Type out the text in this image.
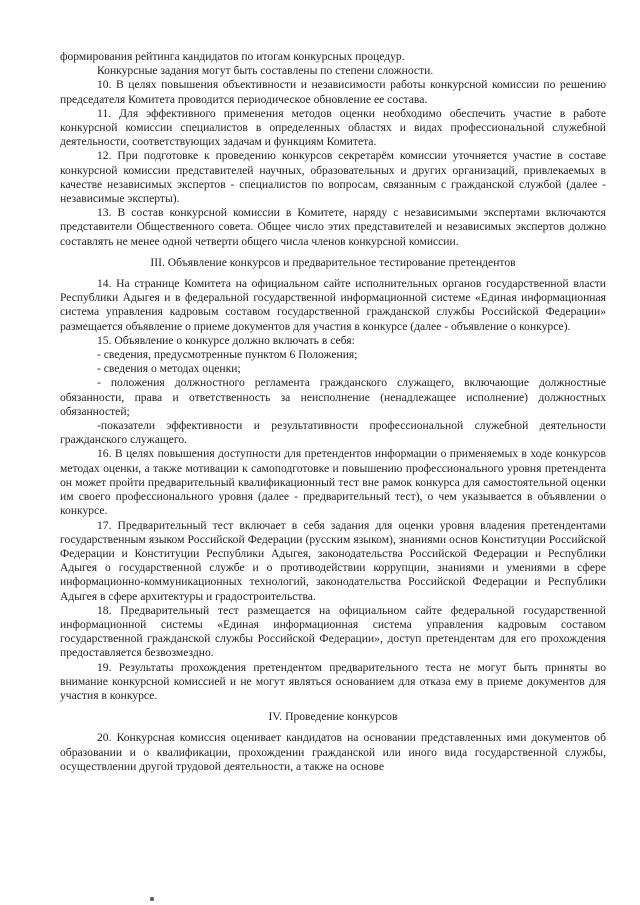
формирования рейтинга кандидатов по итогам конкурсных процедур.

Конкурсные задания могут быть составлены по степени сложности.

10. В целях повышения объективности и независимости работы конкурсной комиссии по решению председателя Комитета проводится периодическое обновление ее состава.

11. Для эффективного применения методов оценки необходимо обеспечить участие в работе конкурсной комиссии специалистов в определенных областях и видах профессиональной служебной деятельности, соответствующих задачам и функциям Комитета.

12. При подготовке к проведению конкурсов секретарём комиссии уточняется участие в составе конкурсной комиссии представителей научных, образовательных и других организаций, привлекаемых в качестве независимых экспертов - специалистов по вопросам, связанным с гражданской службой (далее - независимые эксперты).

13. В состав конкурсной комиссии в Комитете, наряду с независимыми экспертами включаются представители Общественного совета. Общее число этих представителей и независимых экспертов должно составлять не менее одной четверти общего числа членов конкурсной комиссии.

III. Объявление конкурсов и предварительное тестирование претендентов

14. На странице Комитета на официальном сайте исполнительных органов государственной власти Республики Адыгея и в федеральной государственной информационной системе «Единая информационная система управления кадровым составом государственной гражданской службы Российской Федерации» размещается объявление о приеме документов для участия в конкурсе (далее - объявление о конкурсе).

15. Объявление о конкурсе должно включать в себя:

- сведения, предусмотренные пунктом 6 Положения;

- сведения о методах оценки;

- положения должностного регламента гражданского служащего, включающие должностные обязанности, права и ответственность за неисполнение (ненадлежащее исполнение) должностных обязанностей;

-показатели эффективности и результативности профессиональной служебной деятельности гражданского служащего.

16. В целях повышения доступности для претендентов информации о применяемых в ходе конкурсов методах оценки, а также мотивации к самоподготовке и повышению профессионального уровня претендента он может пройти предварительный квалификационный тест вне рамок конкурса для самостоятельной оценки им своего профессионального уровня (далее - предварительный тест), о чем указывается в объявлении о конкурсе.

17. Предварительный тест включает в себя задания для оценки уровня владения претендентами государственным языком Российской Федерации (русским языком), знаниями основ Конституции Российской Федерации и Конституции Республики Адыгея, законодательства Российской Федерации и Республики Адыгея о государственной службе и о противодействии коррупции, знаниями и умениями в сфере информационно-коммуникационных технологий, законодательства Российской Федерации и Республики Адыгея в сфере архитектуры и градостроительства.

18. Предварительный тест размещается на официальном сайте федеральной государственной информационной системы «Единая информационная система управления кадровым составом государственной гражданской службы Российской Федерации», доступ претендентам для его прохождения предоставляется безвозмездно.

19. Результаты прохождения претендентом предварительного теста не могут быть приняты во внимание конкурсной комиссией и не могут являться основанием для отказа ему в приеме документов для участия в конкурсе.

IV. Проведение конкурсов

20. Конкурсная комиссия оценивает кандидатов на основании представленных ими документов об образовании и о квалификации, прохождении гражданской или иного вида государственной службы, осуществлении другой трудовой деятельности, а также на основе
